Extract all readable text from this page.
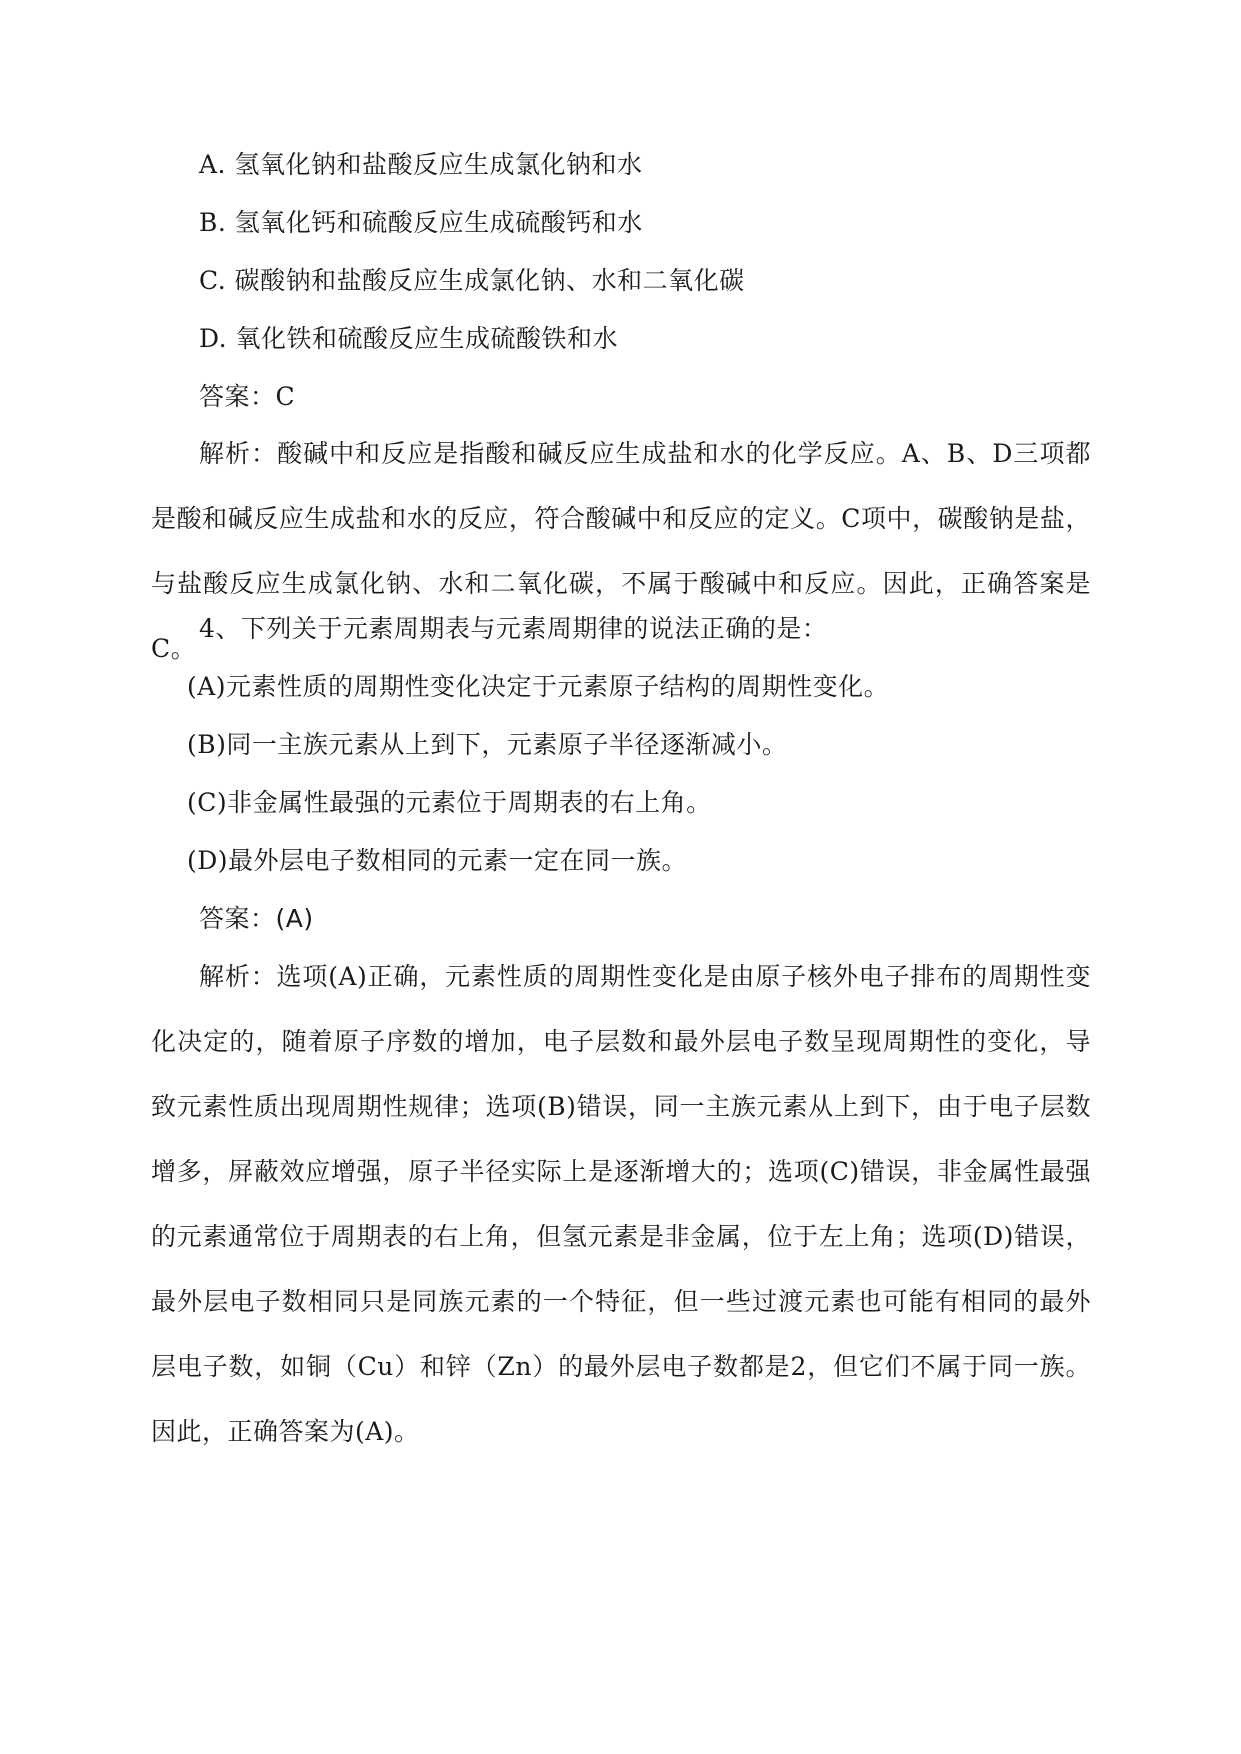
A. 氢氧化钠和盐酸反应生成氯化钠和水
B. 氢氧化钙和硫酸反应生成硫酸钙和水
C. 碳酸钠和盐酸反应生成氯化钠、水和二氧化碳
D. 氧化铁和硫酸反应生成硫酸铁和水
答案：C
解析：酸碱中和反应是指酸和碱反应生成盐和水的化学反应。A、B、D三项都是酸和碱反应生成盐和水的反应，符合酸碱中和反应的定义。C项中，碳酸钠是盐，与盐酸反应生成氯化钠、水和二氧化碳，不属于酸碱中和反应。因此，正确答案是C。
4、下列关于元素周期表与元素周期律的说法正确的是：
(A)元素性质的周期性变化决定于元素原子结构的周期性变化。
(B)同一主族元素从上到下，元素原子半径逐渐减小。
(C)非金属性最强的元素位于周期表的右上角。
(D)最外层电子数相同的元素一定在同一族。
答案：(A)
解析：选项(A)正确，元素性质的周期性变化是由原子核外电子排布的周期性变化决定的，随着原子序数的增加，电子层数和最外层电子数呈现周期性的变化，导致元素性质出现周期性规律；选项(B)错误，同一主族元素从上到下，由于电子层数增多，屏蔽效应增强，原子半径实际上是逐渐增大的；选项(C)错误，非金属性最强的元素通常位于周期表的右上角，但氢元素是非金属，位于左上角；选项(D)错误，最外层电子数相同只是同族元素的一个特征，但一些过渡元素也可能有相同的最外层电子数，如铜（Cu）和锌（Zn）的最外层电子数都是2，但它们不属于同一族。因此，正确答案为(A)。
